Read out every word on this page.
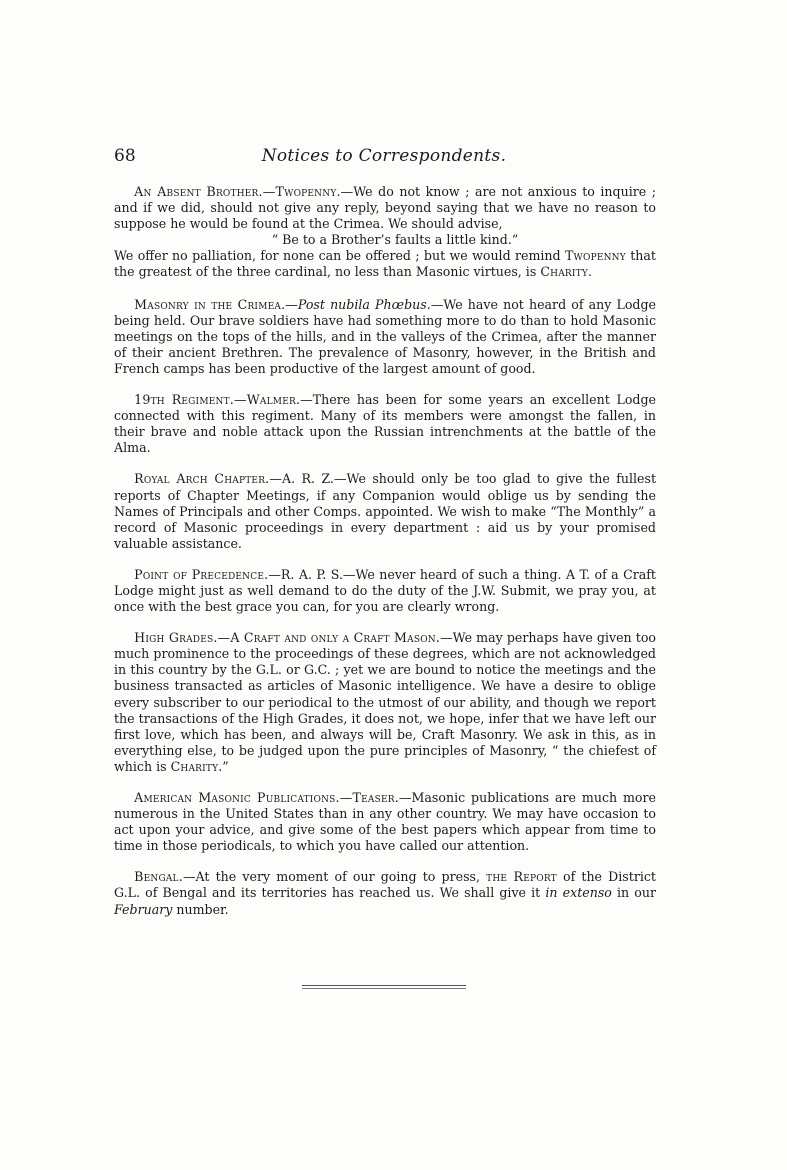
68	Notices to Correspondents.

An Absent Brother.—Twopenny.—We do not know ; are not anxious to inquire ; and if we did, should not give any reply, beyond saying that we have no reason to suppose he would be found at the Crimea. We should advise,

“ Be to a Brother’s faults a little kind.”

We offer no palliation, for none can be offered ; but we would remind Twopenny that the greatest of the three cardinal, no less than Masonic virtues, is Charity.

Masonry in the Crimea.—Post nubila Phœbus.—We have not heard of any Lodge being held. Our brave soldiers have had something more to do than to hold Masonic meetings on the tops of the hills, and in the valleys of the Crimea, after the manner of their ancient Brethren. The prevalence of Masonry, however, in the British and French camps has been productive of the largest amount of good.

19th Regiment.—Walmer.—There has been for some years an excellent Lodge connected with this regiment. Many of its members were amongst the fallen, in their brave and noble attack upon the Russian intrenchments at the battle of the Alma.

Royal Arch Chapter.—A. R. Z.—We should only be too glad to give the fullest reports of Chapter Meetings, if any Companion would oblige us by sending the Names of Principals and other Comps. appointed. We wish to make “The Monthly” a record of Masonic proceedings in every department : aid us by your promised valuable assistance.

Point of Precedence.—R. A. P. S.—We never heard of such a thing. A T. of a Craft Lodge might just as well demand to do the duty of the J.W. Submit, we pray you, at once with the best grace you can, for you are clearly wrong.

High Grades.—A Craft and only a Craft Mason.—We may perhaps have given too much prominence to the proceedings of these degrees, which are not acknowledged in this country by the G.L. or G.C. ; yet we are bound to notice the meetings and the business transacted as articles of Masonic intelligence. We have a desire to oblige every subscriber to our periodical to the utmost of our ability, and though we report the transactions of the High Grades, it does not, we hope, infer that we have left our first love, which has been, and always will be, Craft Masonry. We ask in this, as in everything else, to be judged upon the pure principles of Masonry, “ the chiefest of which is Charity.”

American Masonic Publications.—Teaser.—Masonic publications are much more numerous in the United States than in any other country. We may have occasion to act upon your advice, and give some of the best papers which appear from time to time in those periodicals, to which you have called our attention.

Bengal.—At the very moment of our going to press, the Report of the District G.L. of Bengal and its territories has reached us. We shall give it in extenso in our February number.
